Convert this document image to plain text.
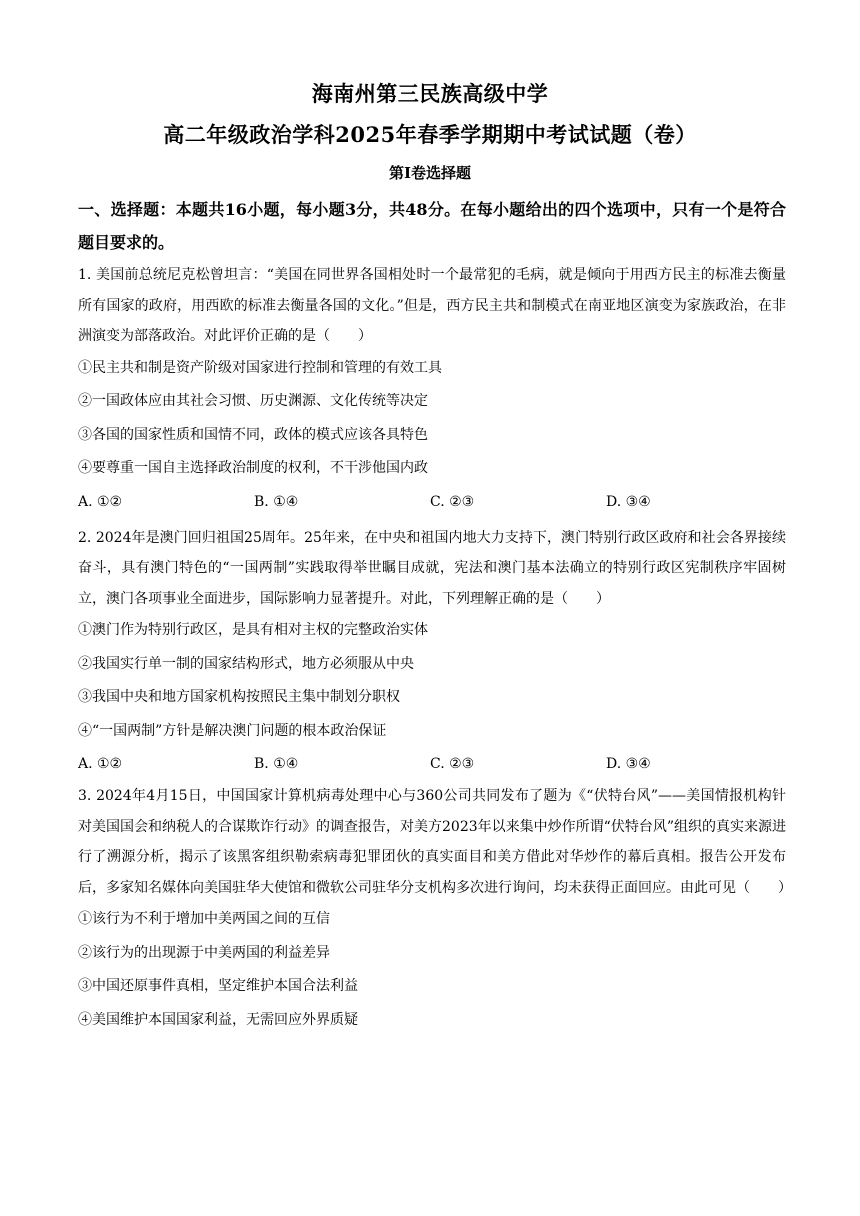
海南州第三民族高级中学
高二年级政治学科2025年春季学期期中考试试题（卷）
第Ⅰ卷选择题
一、选择题：本题共16小题，每小题3分，共48分。在每小题给出的四个选项中，只有一个是符合题目要求的。
1. 美国前总统尼克松曾坦言：“美国在同世界各国相处时一个最常犯的毛病，就是倾向于用西方民主的标准去衡量所有国家的政府，用西欧的标准去衡量各国的文化。”但是，西方民主共和制模式在南亚地区演变为家族政治，在非洲演变为部落政治。对此评价正确的是（　　）
①民主共和制是资产阶级对国家进行控制和管理的有效工具
②一国政体应由其社会习惯、历史渊源、文化传统等决定
③各国的国家性质和国情不同，政体的模式应该各具特色
④要尊重一国自主选择政治制度的权利，不干涉他国内政
A. ①②	B. ①④	C. ②③	D. ③④
2. 2024年是澳门回归祖国25周年。25年来，在中央和祖国内地大力支持下，澳门特别行政区政府和社会各界接续奋斗，具有澳门特色的“一国两制”实践取得举世瞩目成就，宪法和澳门基本法确立的特别行政区宪制秩序牢固树立，澳门各项事业全面进步，国际影响力显著提升。对此，下列理解正确的是（　　）
①澳门作为特别行政区，是具有相对主权的完整政治实体
②我国实行单一制的国家结构形式，地方必须服从中央
③我国中央和地方国家机构按照民主集中制划分职权
④“一国两制”方针是解决澳门问题的根本政治保证
A. ①②	B. ①④	C. ②③	D. ③④
3. 2024年4月15日，中国国家计算机病毒处理中心与360公司共同发布了题为《“伏特台风”——美国情报机构针对美国国会和纳税人的合谋欺诈行动》的调查报告，对美方2023年以来集中炒作所谓“伏特台风”组织的真实来源进行了溯源分析，揭示了该黑客组织勒索病毒犯罪团伙的真实面目和美方借此对华炒作的幕后真相。报告公开发布后，多家知名媒体向美国驻华大使馆和微软公司驻华分支机构多次进行询问，均未获得正面回应。由此可见（　　）
①该行为不利于增加中美两国之间的互信
②该行为的出现源于中美两国的利益差异
③中国还原事件真相，坚定维护本国合法利益
④美国维护本国国家利益，无需回应外界质疑
